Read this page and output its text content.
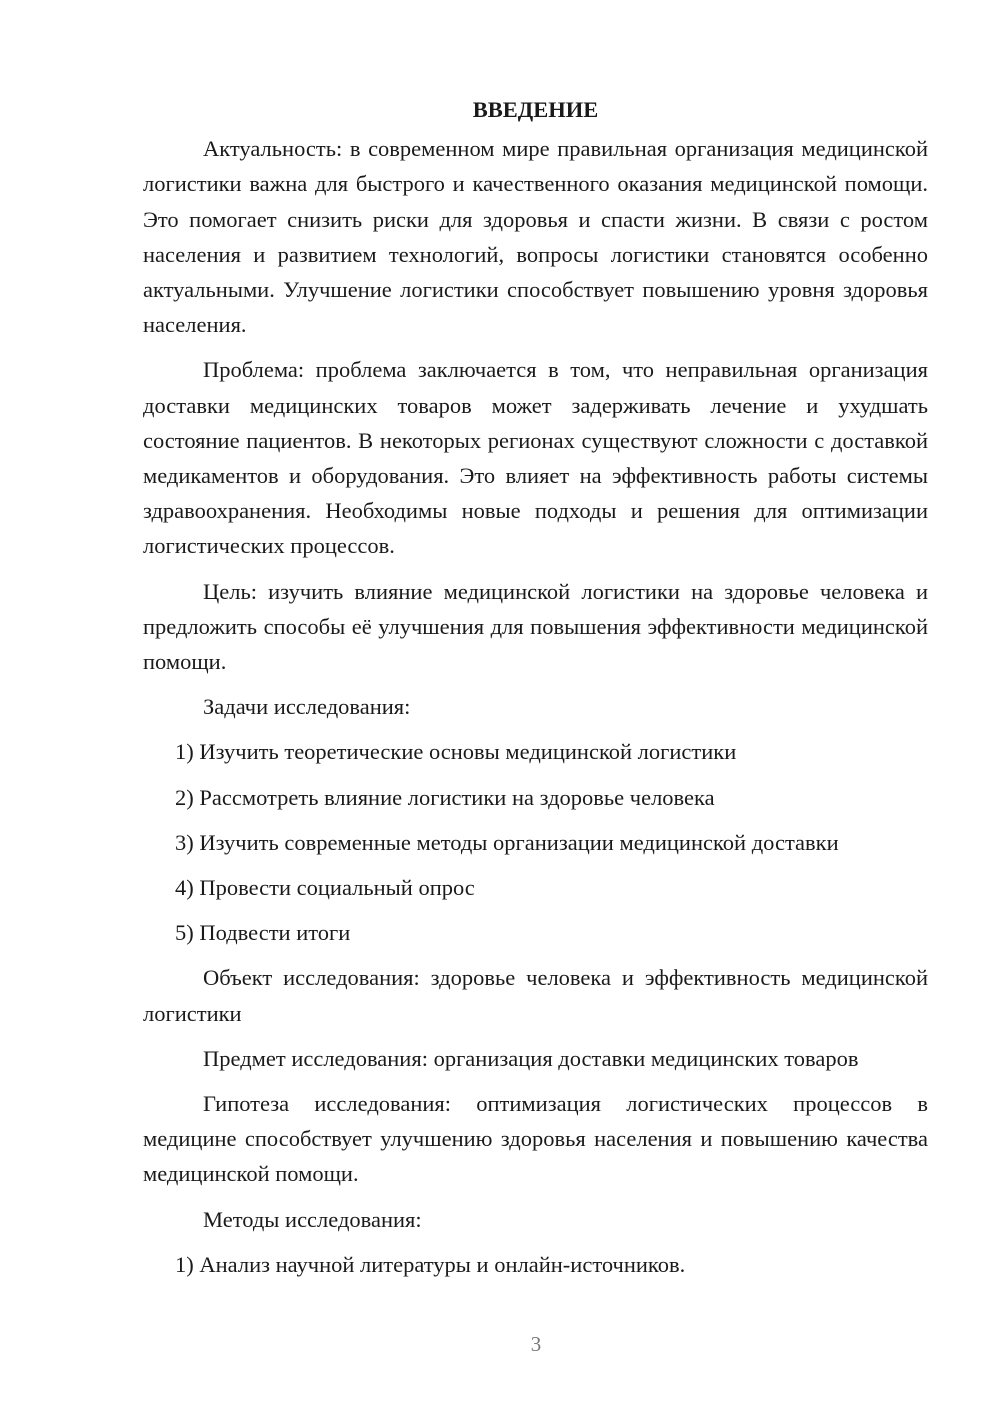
ВВЕДЕНИЕ

Актуальность: в современном мире правильная организация медицинской логистики важна для быстрого и качественного оказания медицинской помощи. Это помогает снизить риски для здоровья и спасти жизни. В связи с ростом населения и развитием технологий, вопросы логистики становятся особенно актуальными. Улучшение логистики способствует повышению уровня здоровья населения.

Проблема: проблема заключается в том, что неправильная организация доставки медицинских товаров может задерживать лечение и ухудшать состояние пациентов. В некоторых регионах существуют сложности с доставкой медикаментов и оборудования. Это влияет на эффективность работы системы здравоохранения. Необходимы новые подходы и решения для оптимизации логистических процессов.

Цель: изучить влияние медицинской логистики на здоровье человека и предложить способы её улучшения для повышения эффективности медицинской помощи.

Задачи исследования:

1) Изучить теоретические основы медицинской логистики

2) Рассмотреть влияние логистики на здоровье человека

3) Изучить современные методы организации медицинской доставки

4) Провести социальный опрос

5) Подвести итоги

Объект исследования: здоровье человека и эффективность медицинской логистики

Предмет исследования: организация доставки медицинских товаров

Гипотеза исследования: оптимизация логистических процессов в медицине способствует улучшению здоровья населения и повышению качества медицинской помощи.

Методы исследования:

1) Анализ научной литературы и онлайн-источников.

3
